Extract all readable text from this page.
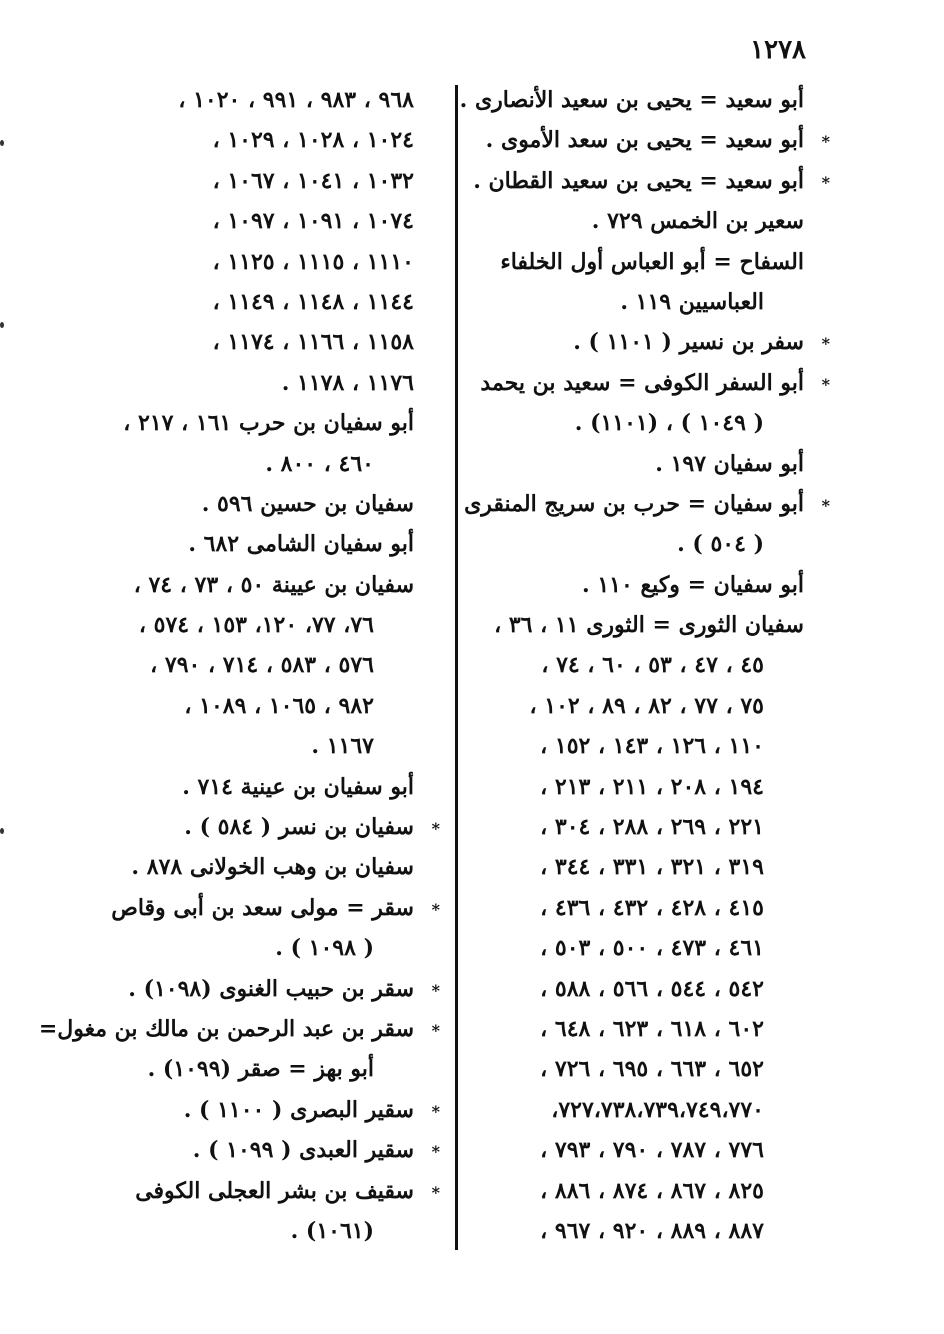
١٢٧٨
أبو سعيد = يحيى بن سعيد الأنصارى .
*
أبو سعيد = يحيى بن سعد الأموى .
*
أبو سعيد = يحيى بن سعيد القطان .
سعير بن الخمس ٧٢٩ .
السفاح = أبو العباس أول الخلفاء
العباسيين ١١٩ .
*
سفر بن نسير ( ١١٠١ ) .
*
أبو السفر الكوفى = سعيد بن يحمد
( ١٠٤٩ ) ، (١١٠١) .
أبو سفيان ١٩٧ .
*
أبو سفيان = حرب بن سريج المنقرى
( ٥٠٤ ) .
أبو سفيان = وكيع ١١٠ .
سفيان الثورى = الثورى ١١ ، ٣٦ ،
٤٥ ، ٤٧ ، ٥٣ ، ٦٠ ، ٧٤ ،
٧٥ ، ٧٧ ، ٨٢ ، ٨٩ ، ١٠٢ ،
١١٠ ، ١٢٦ ، ١٤٣ ، ١٥٢ ،
١٩٤ ، ٢٠٨ ، ٢١١ ، ٢١٣ ،
٢٢١ ، ٢٦٩ ، ٢٨٨ ، ٣٠٤ ،
٣١٩ ، ٣٢١ ، ٣٣١ ، ٣٤٤ ،
٤١٥ ، ٤٢٨ ، ٤٣٢ ، ٤٣٦ ،
٤٦١ ، ٤٧٣ ، ٥٠٠ ، ٥٠٣ ،
٥٤٢ ، ٥٤٤ ، ٥٦٦ ، ٥٨٨ ،
٦٠٢ ، ٦١٨ ، ٦٢٣ ، ٦٤٨ ،
٦٥٢ ، ٦٦٣ ، ٦٩٥ ، ٧٢٦ ،
٧٢٧،٧٣٨،٧٣٩،٧٤٩،٧٧٠،
٧٧٦ ، ٧٨٧ ، ٧٩٠ ، ٧٩٣ ،
٨٢٥ ، ٨٦٧ ، ٨٧٤ ، ٨٨٦ ،
٨٨٧ ، ٨٨٩ ، ٩٢٠ ، ٩٦٧ ،
٩٦٨ ، ٩٨٣ ، ٩٩١ ، ١٠٢٠ ،
١٠٢٤ ، ١٠٢٨ ، ١٠٢٩ ،
١٠٣٢ ، ١٠٤١ ، ١٠٦٧ ،
١٠٧٤ ، ١٠٩١ ، ١٠٩٧ ،
١١١٠ ، ١١١٥ ، ١١٢٥ ،
١١٤٤ ، ١١٤٨ ، ١١٤٩ ،
١١٥٨ ، ١١٦٦ ، ١١٧٤ ،
١١٧٦ ، ١١٧٨ .
أبو سفيان بن حرب ١٦١ ، ٢١٧ ،
٤٦٠ ، ٨٠٠ .
سفيان بن حسين ٥٩٦ .
أبو سفيان الشامى ٦٨٢ .
سفيان بن عيينة ٥٠ ، ٧٣ ، ٧٤ ،
٧٦، ٧٧، ١٢٠، ١٥٣ ، ٥٧٤ ،
٥٧٦ ، ٥٨٣ ، ٧١٤ ، ٧٩٠ ،
٩٨٢ ، ١٠٦٥ ، ١٠٨٩ ،
١١٦٧ .
أبو سفيان بن عينية ٧١٤ .
*
سفيان بن نسر ( ٥٨٤ ) .
سفيان بن وهب الخولانى ٨٧٨ .
*
سقر = مولى سعد بن أبى وقاص
( ١٠٩٨ ) .
*
سقر بن حبيب الغنوى (١٠٩٨) .
*
سقر بن عبد الرحمن بن مالك بن مغول=
أبو بهز = صقر (١٠٩٩) .
*
سقير البصرى ( ١١٠٠ ) .
*
سقير العبدى ( ١٠٩٩ ) .
*
سقيف بن بشر العجلى الكوفى
(١٠٦١) .
